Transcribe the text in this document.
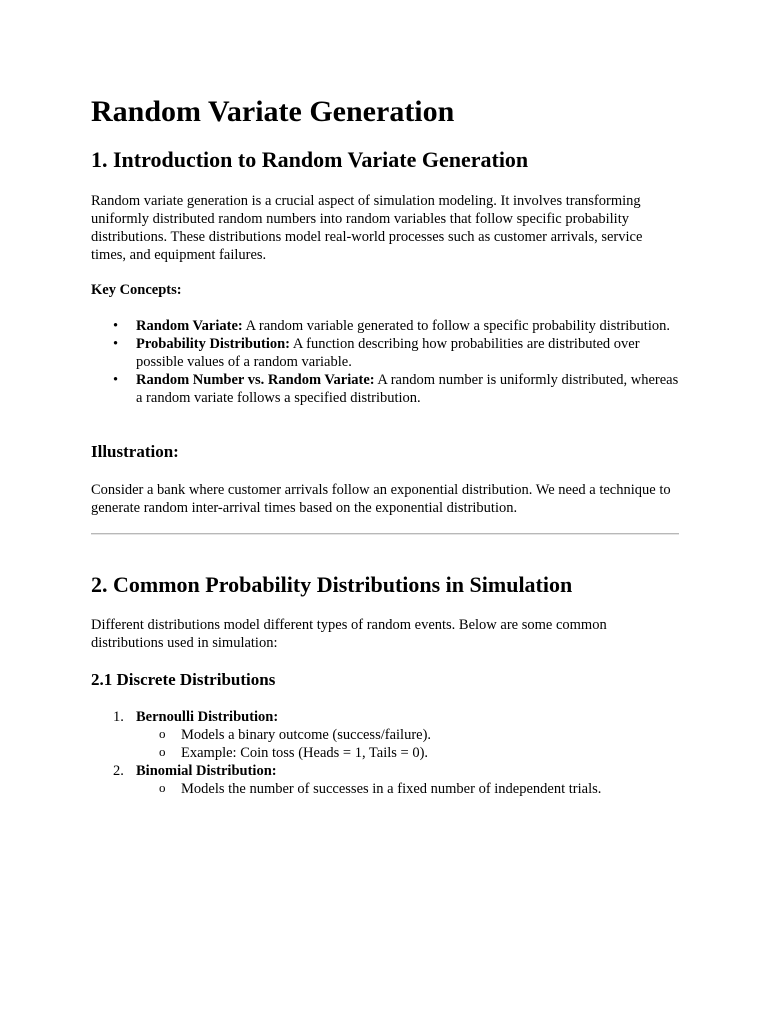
Random Variate Generation
1. Introduction to Random Variate Generation

Random variate generation is a crucial aspect of simulation modeling. It involves transforming uniformly distributed random numbers into random variables that follow specific probability distributions. These distributions model real-world processes such as customer arrivals, service times, and equipment failures.

Key Concepts:

• Random Variate: A random variable generated to follow a specific probability distribution.
• Probability Distribution: A function describing how probabilities are distributed over possible values of a random variable.
• Random Number vs. Random Variate: A random number is uniformly distributed, whereas a random variate follows a specified distribution.
Illustration:

Consider a bank where customer arrivals follow an exponential distribution. We need a technique to generate random inter-arrival times based on the exponential distribution.

2. Common Probability Distributions in Simulation

Different distributions model different types of random events. Below are some common distributions used in simulation:

2.1 Discrete Distributions
1. Bernoulli Distribution:
o Models a binary outcome (success/failure).
o Example: Coin toss (Heads = 1, Tails = 0).
2. Binomial Distribution:
o Models the number of successes in a fixed number of independent trials.
